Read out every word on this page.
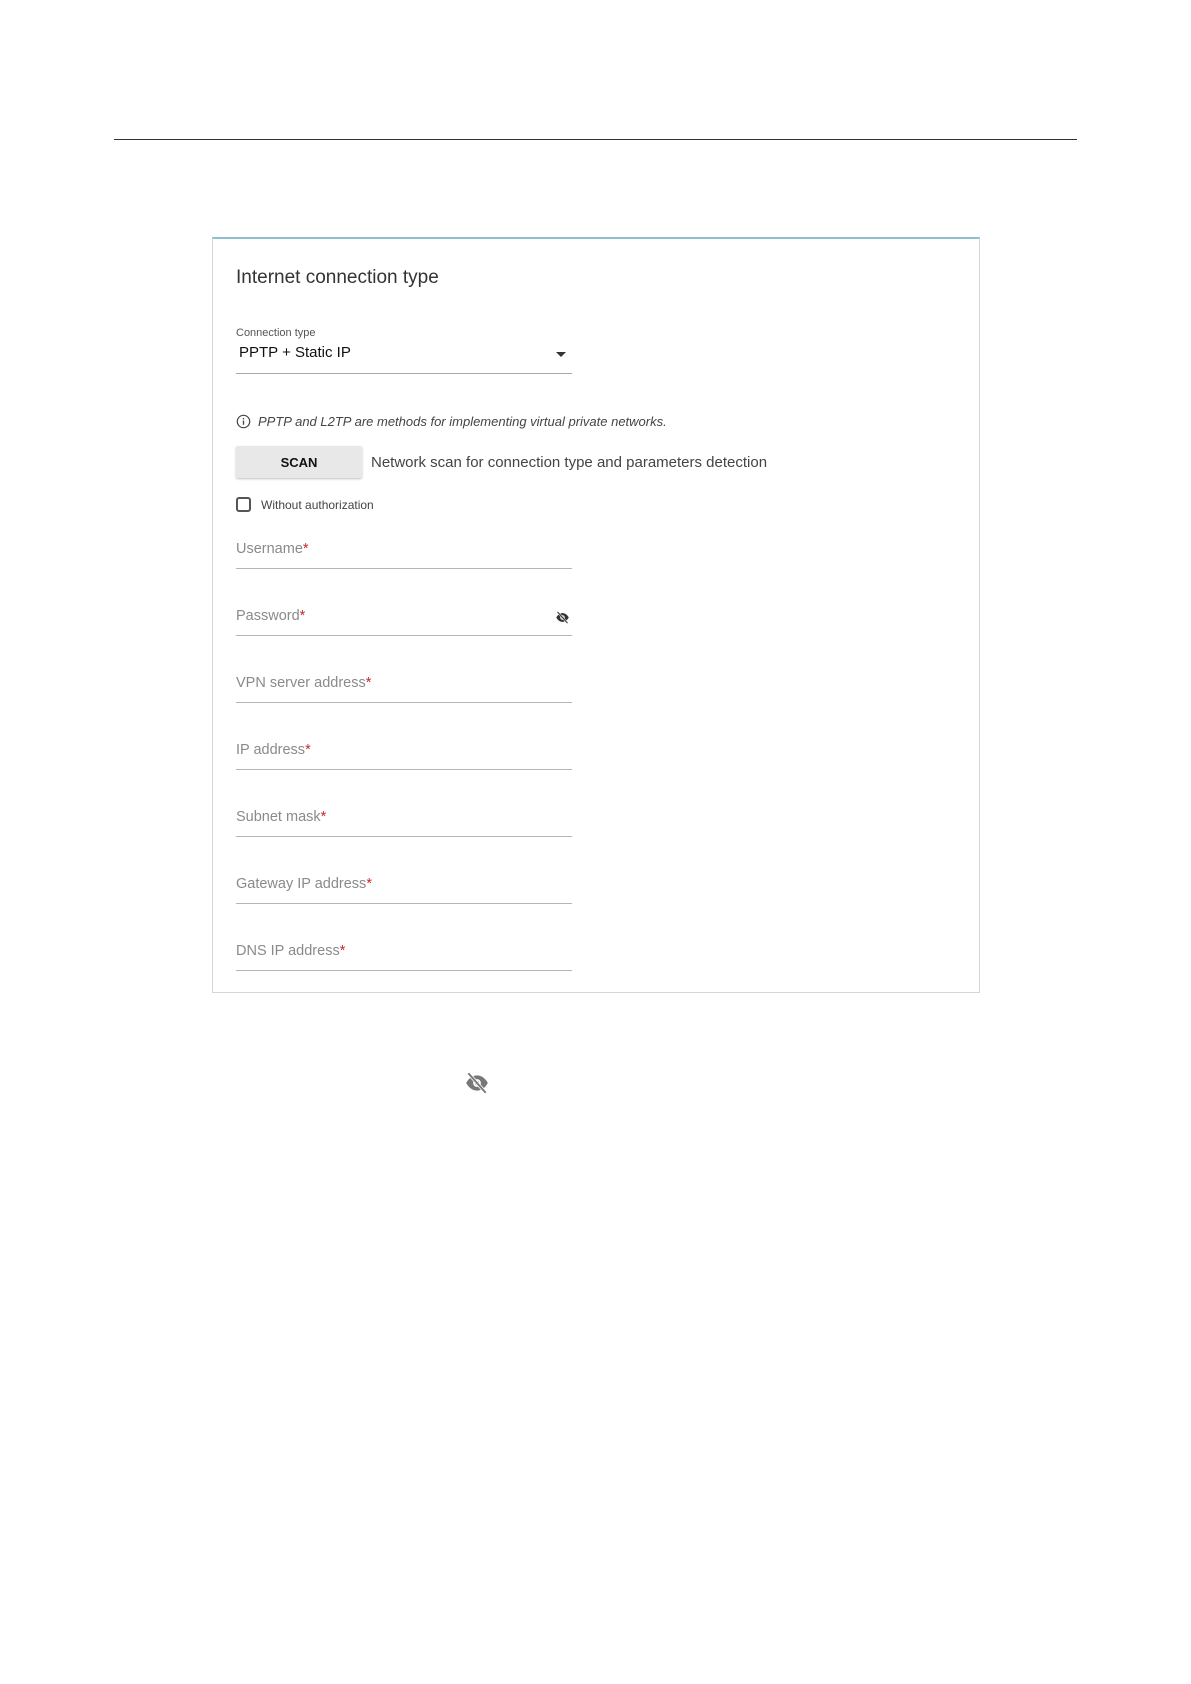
Internet connection type
Connection type
PPTP + Static IP
PPTP and L2TP are methods for implementing virtual private networks.
SCAN	Network scan for connection type and parameters detection
Without authorization
Username*
Password*
VPN server address*
IP address*
Subnet mask*
Gateway IP address*
DNS IP address*
